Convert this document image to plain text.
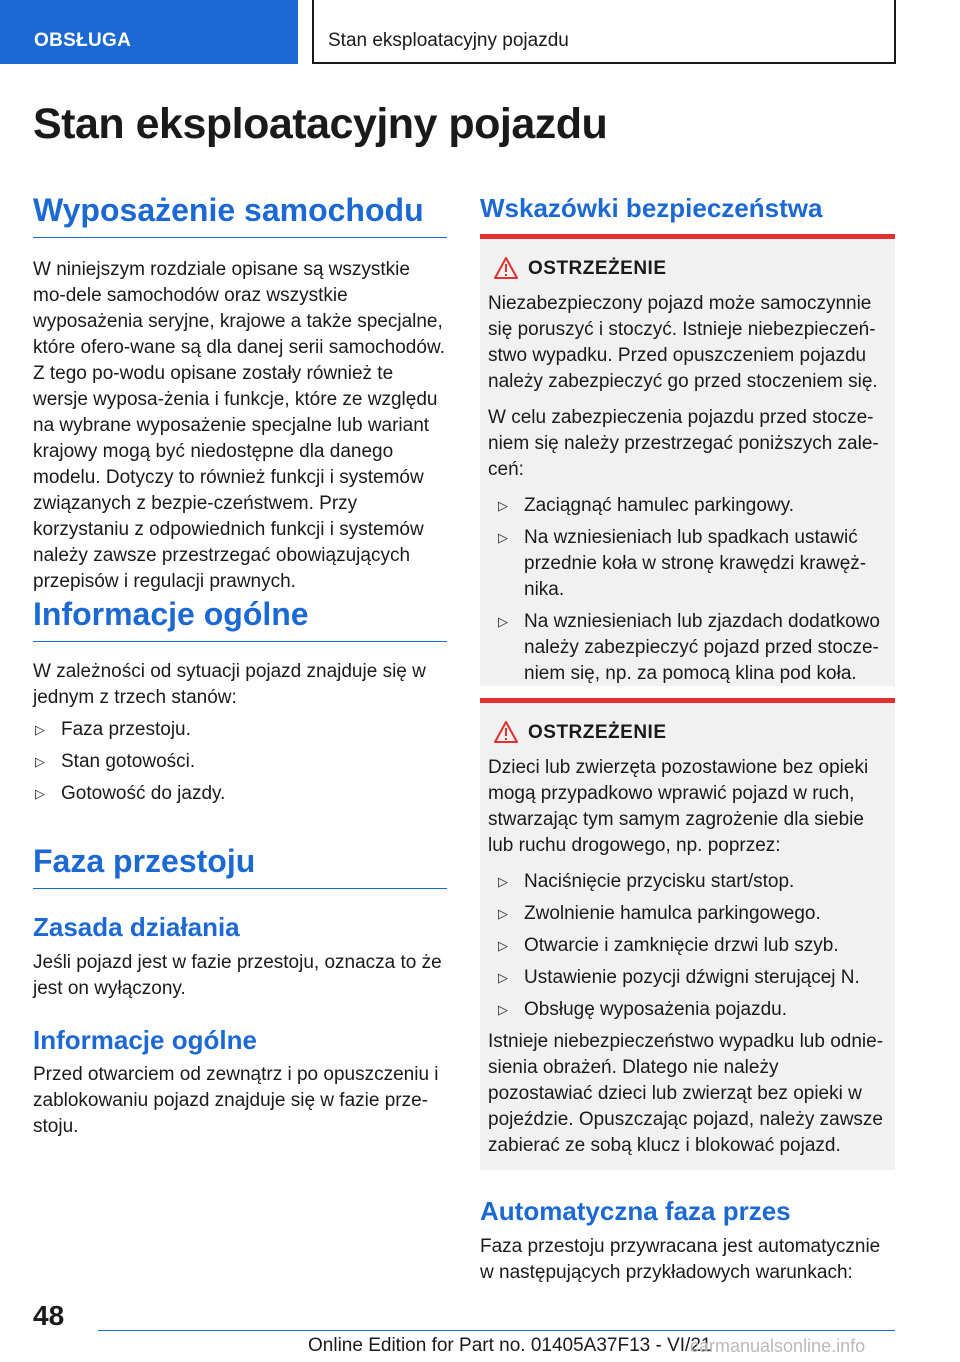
OBSŁUGA	Stan eksploatacyjny pojazdu
Stan eksploatacyjny pojazdu
Wyposażenie samochodu

W niniejszym rozdziale opisane są wszystkie mo-dele samochodów oraz wszystkie wyposażenia seryjne, krajowe a także specjalne, które ofero-wane są dla danej serii samochodów. Z tego po-wodu opisane zostały również te wersje wyposa-żenia i funkcje, które ze względu na wybrane wyposażenie specjalne lub wariant krajowy mogą być niedostępne dla danego modelu. Dotyczy to również funkcji i systemów związanych z bezpie-czeństwem. Przy korzystaniu z odpowiednich funkcji i systemów należy zawsze przestrzegać obowiązujących przepisów i regulacji prawnych.

Informacje ogólne

W zależności od sytuacji pojazd znajduje się w jednym z trzech stanów:

▷ Faza przestoju.
▷ Stan gotowości.
▷ Gotowość do jazdy.
Faza przestoju
Zasada działania

Jeśli pojazd jest w fazie przestoju, oznacza to że jest on wyłączony.

Informacje ogólne

Przed otwarciem od zewnątrz i po opuszczeniu i zablokowaniu pojazd znajduje się w fazie prze-stoju.

Wskazówki bezpieczeństwa
OSTRZEŻENIE

Niezabezpieczony pojazd może samoczynnie się poruszyć i stoczyć. Istnieje niebezpieczeń-stwo wypadku. Przed opuszczeniem pojazdu należy zabezpieczyć go przed stoczeniem się.

W celu zabezpieczenia pojazdu przed stocze-niem się należy przestrzegać poniższych zale-ceń:

▷ Zaciągnąć hamulec parkingowy.
▷ Na wzniesieniach lub spadkach ustawić przednie koła w stronę krawędzi krawęż-nika.
▷ Na wzniesieniach lub zjazdach dodatkowo należy zabezpieczyć pojazd przed stocze-niem się, np. za pomocą klina pod koła.
OSTRZEŻENIE

Dzieci lub zwierzęta pozostawione bez opieki mogą przypadkowo wprawić pojazd w ruch, stwarzając tym samym zagrożenie dla siebie lub ruchu drogowego, np. poprzez:

▷ Naciśnięcie przycisku start/stop.
▷ Zwolnienie hamulca parkingowego.
▷ Otwarcie i zamknięcie drzwi lub szyb.
▷ Ustawienie pozycji dźwigni sterującej N.
▷ Obsługę wyposażenia pojazdu.

Istnieje niebezpieczeństwo wypadku lub odnie-sienia obrażeń. Dlatego nie należy pozostawiać dzieci lub zwierząt bez opieki w pojeździe. Opuszczając pojazd, należy zawsze zabierać ze sobą klucz i blokować pojazd.

Automatyczna faza przes

Faza przestoju przywracana jest automatycznie w następujących przykładowych warunkach:

48
Online Edition for Part no. 01405A37F13 - VI/21
carmanualsonline.info
